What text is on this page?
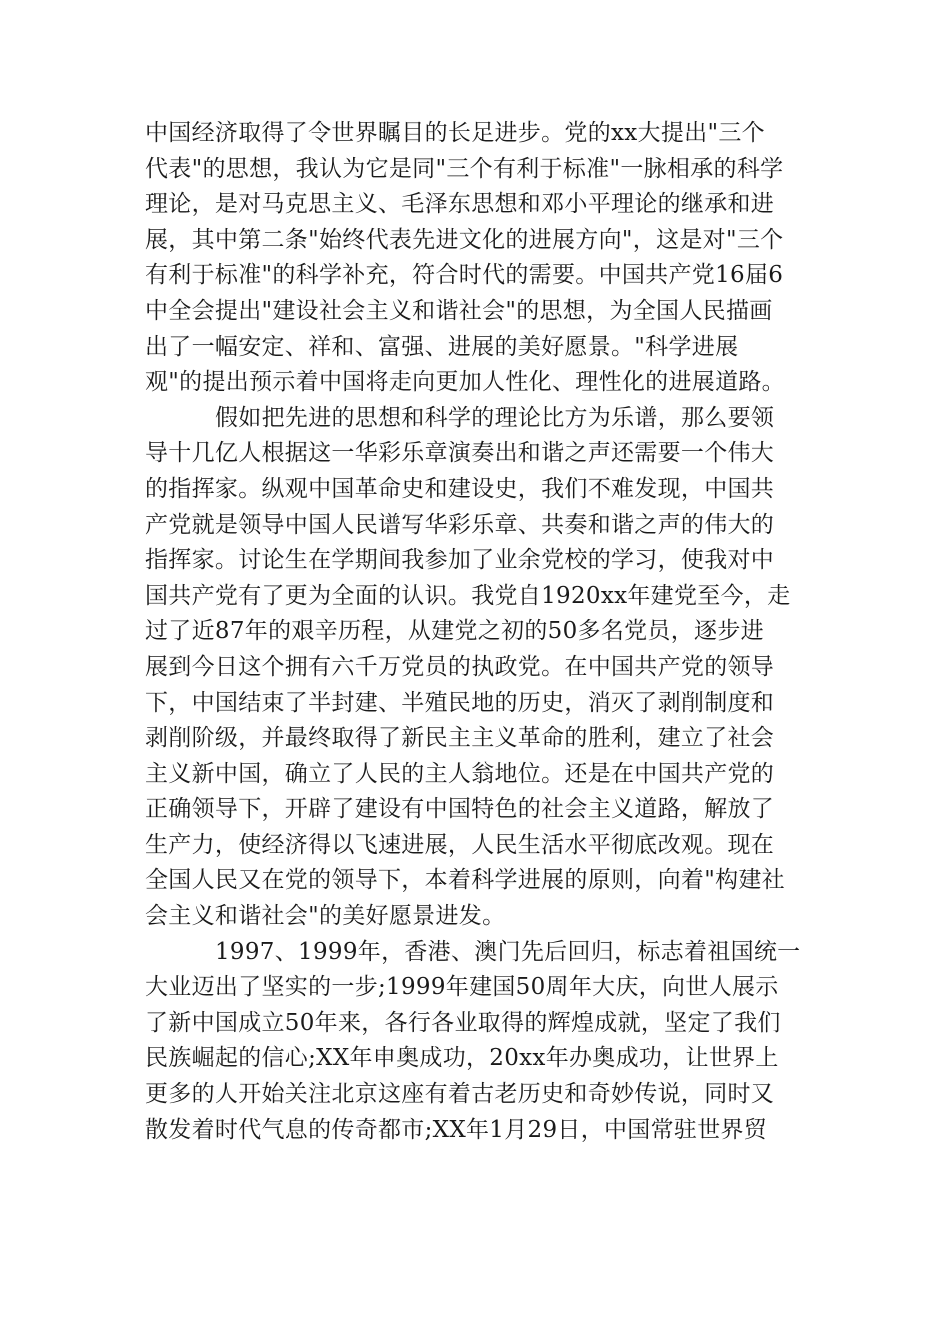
中国经济取得了令世界瞩目的长足进步。党的xx大提出"三个
代表"的思想，我认为它是同"三个有利于标准"一脉相承的科学
理论，是对马克思主义、毛泽东思想和邓小平理论的继承和进
展，其中第二条"始终代表先进文化的进展方向"，这是对"三个
有利于标准"的科学补充，符合时代的需要。中国共产党16届6
中全会提出"建设社会主义和谐社会"的思想，为全国人民描画
出了一幅安定、祥和、富强、进展的美好愿景。"科学进展
观"的提出预示着中国将走向更加人性化、理性化的进展道路。
假如把先进的思想和科学的理论比方为乐谱，那么要领
导十几亿人根据这一华彩乐章演奏出和谐之声还需要一个伟大
的指挥家。纵观中国革命史和建设史，我们不难发现，中国共
产党就是领导中国人民谱写华彩乐章、共奏和谐之声的伟大的
指挥家。讨论生在学期间我参加了业余党校的学习，使我对中
国共产党有了更为全面的认识。我党自1920xx年建党至今，走
过了近87年的艰辛历程，从建党之初的50多名党员，逐步进
展到今日这个拥有六千万党员的执政党。在中国共产党的领导
下，中国结束了半封建、半殖民地的历史，消灭了剥削制度和
剥削阶级，并最终取得了新民主主义革命的胜利，建立了社会
主义新中国，确立了人民的主人翁地位。还是在中国共产党的
正确领导下，开辟了建设有中国特色的社会主义道路，解放了
生产力，使经济得以飞速进展，人民生活水平彻底改观。现在
全国人民又在党的领导下，本着科学进展的原则，向着"构建社
会主义和谐社会"的美好愿景进发。
1997、1999年，香港、澳门先后回归，标志着祖国统一
大业迈出了坚实的一步;1999年建国50周年大庆，向世人展示
了新中国成立50年来，各行各业取得的辉煌成就，坚定了我们
民族崛起的信心;XX年申奥成功，20xx年办奥成功，让世界上
更多的人开始关注北京这座有着古老历史和奇妙传说，同时又
散发着时代气息的传奇都市;XX年1月29日，中国常驻世界贸
